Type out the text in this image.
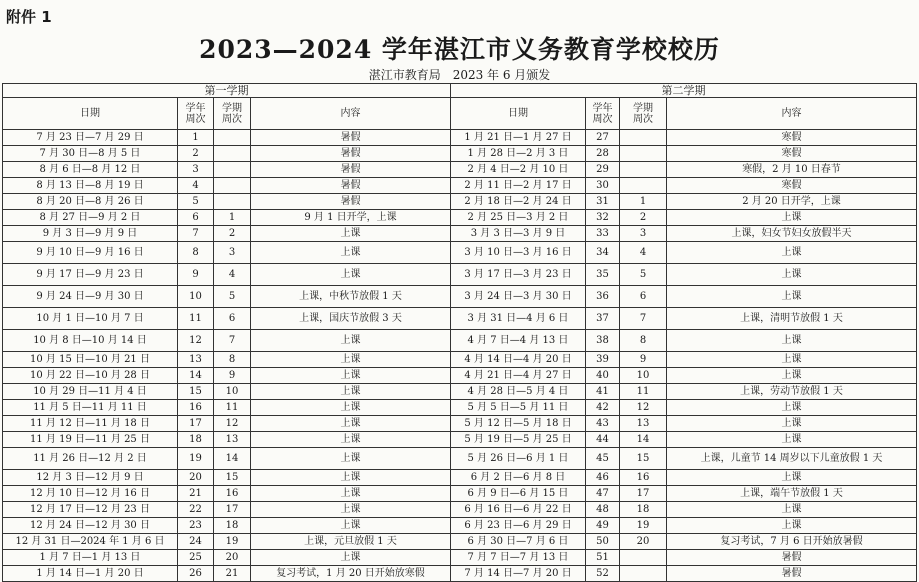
附件 1
2023—2024 学年湛江市义务教育学校校历
湛江市教育局　2023 年 6 月颁发
第一学期				第二学期			
日期	学年周次	学期周次	内容	日期	学年周次	学期周次	内容
7 月 23 日—7 月 29 日	1		暑假	1 月 21 日—1 月 27 日	27		寒假
7 月 30 日—8 月 5 日	2		暑假	1 月 28 日—2 月 3 日	28		寒假
8 月 6 日—8 月 12 日	3		暑假	2 月 4 日—2 月 10 日	29		寒假，2 月 10 日春节
8 月 13 日—8 月 19 日	4		暑假	2 月 11 日—2 月 17 日	30		寒假
8 月 20 日—8 月 26 日	5		暑假	2 月 18 日—2 月 24 日	31	1	2 月 20 日开学，上课
8 月 27 日—9 月 2 日	6	1	9 月 1 日开学，上课	2 月 25 日—3 月 2 日	32	2	上课
9 月 3 日—9 月 9 日	7	2	上课	3 月 3 日—3 月 9 日	33	3	上课，妇女节妇女放假半天
9 月 10 日—9 月 16 日	8	3	上课	3 月 10 日—3 月 16 日	34	4	上课
9 月 17 日—9 月 23 日	9	4	上课	3 月 17 日—3 月 23 日	35	5	上课
9 月 24 日—9 月 30 日	10	5	上课，中秋节放假 1 天	3 月 24 日—3 月 30 日	36	6	上课
10 月 1 日—10 月 7 日	11	6	上课，国庆节放假 3 天	3 月 31 日—4 月 6 日	37	7	上课，清明节放假 1 天
10 月 8 日—10 月 14 日	12	7	上课	4 月 7 日—4 月 13 日	38	8	上课
10 月 15 日—10 月 21 日	13	8	上课	4 月 14 日—4 月 20 日	39	9	上课
10 月 22 日—10 月 28 日	14	9	上课	4 月 21 日—4 月 27 日	40	10	上课
10 月 29 日—11 月 4 日	15	10	上课	4 月 28 日—5 月 4 日	41	11	上课，劳动节放假 1 天
11 月 5 日—11 月 11 日	16	11	上课	5 月 5 日—5 月 11 日	42	12	上课
11 月 12 日—11 月 18 日	17	12	上课	5 月 12 日—5 月 18 日	43	13	上课
11 月 19 日—11 月 25 日	18	13	上课	5 月 19 日—5 月 25 日	44	14	上课
11 月 26 日—12 月 2 日	19	14	上课	5 月 26 日—6 月 1 日	45	15	上课，儿童节 14 周岁以下儿童放假 1 天
12 月 3 日—12 月 9 日	20	15	上课	6 月 2 日—6 月 8 日	46	16	上课
12 月 10 日—12 月 16 日	21	16	上课	6 月 9 日—6 月 15 日	47	17	上课，端午节放假 1 天
12 月 17 日—12 月 23 日	22	17	上课	6 月 16 日—6 月 22 日	48	18	上课
12 月 24 日—12 月 30 日	23	18	上课	6 月 23 日—6 月 29 日	49	19	上课
12 月 31 日—2024 年 1 月 6 日	24	19	上课，元旦放假 1 天	6 月 30 日—7 月 6 日	50	20	复习考试，7 月 6 日开始放暑假
1 月 7 日—1 月 13 日	25	20	上课	7 月 7 日—7 月 13 日	51		暑假
1 月 14 日—1 月 20 日	26	21	复习考试，1 月 20 日开始放寒假	7 月 14 日—7 月 20 日	52		暑假
